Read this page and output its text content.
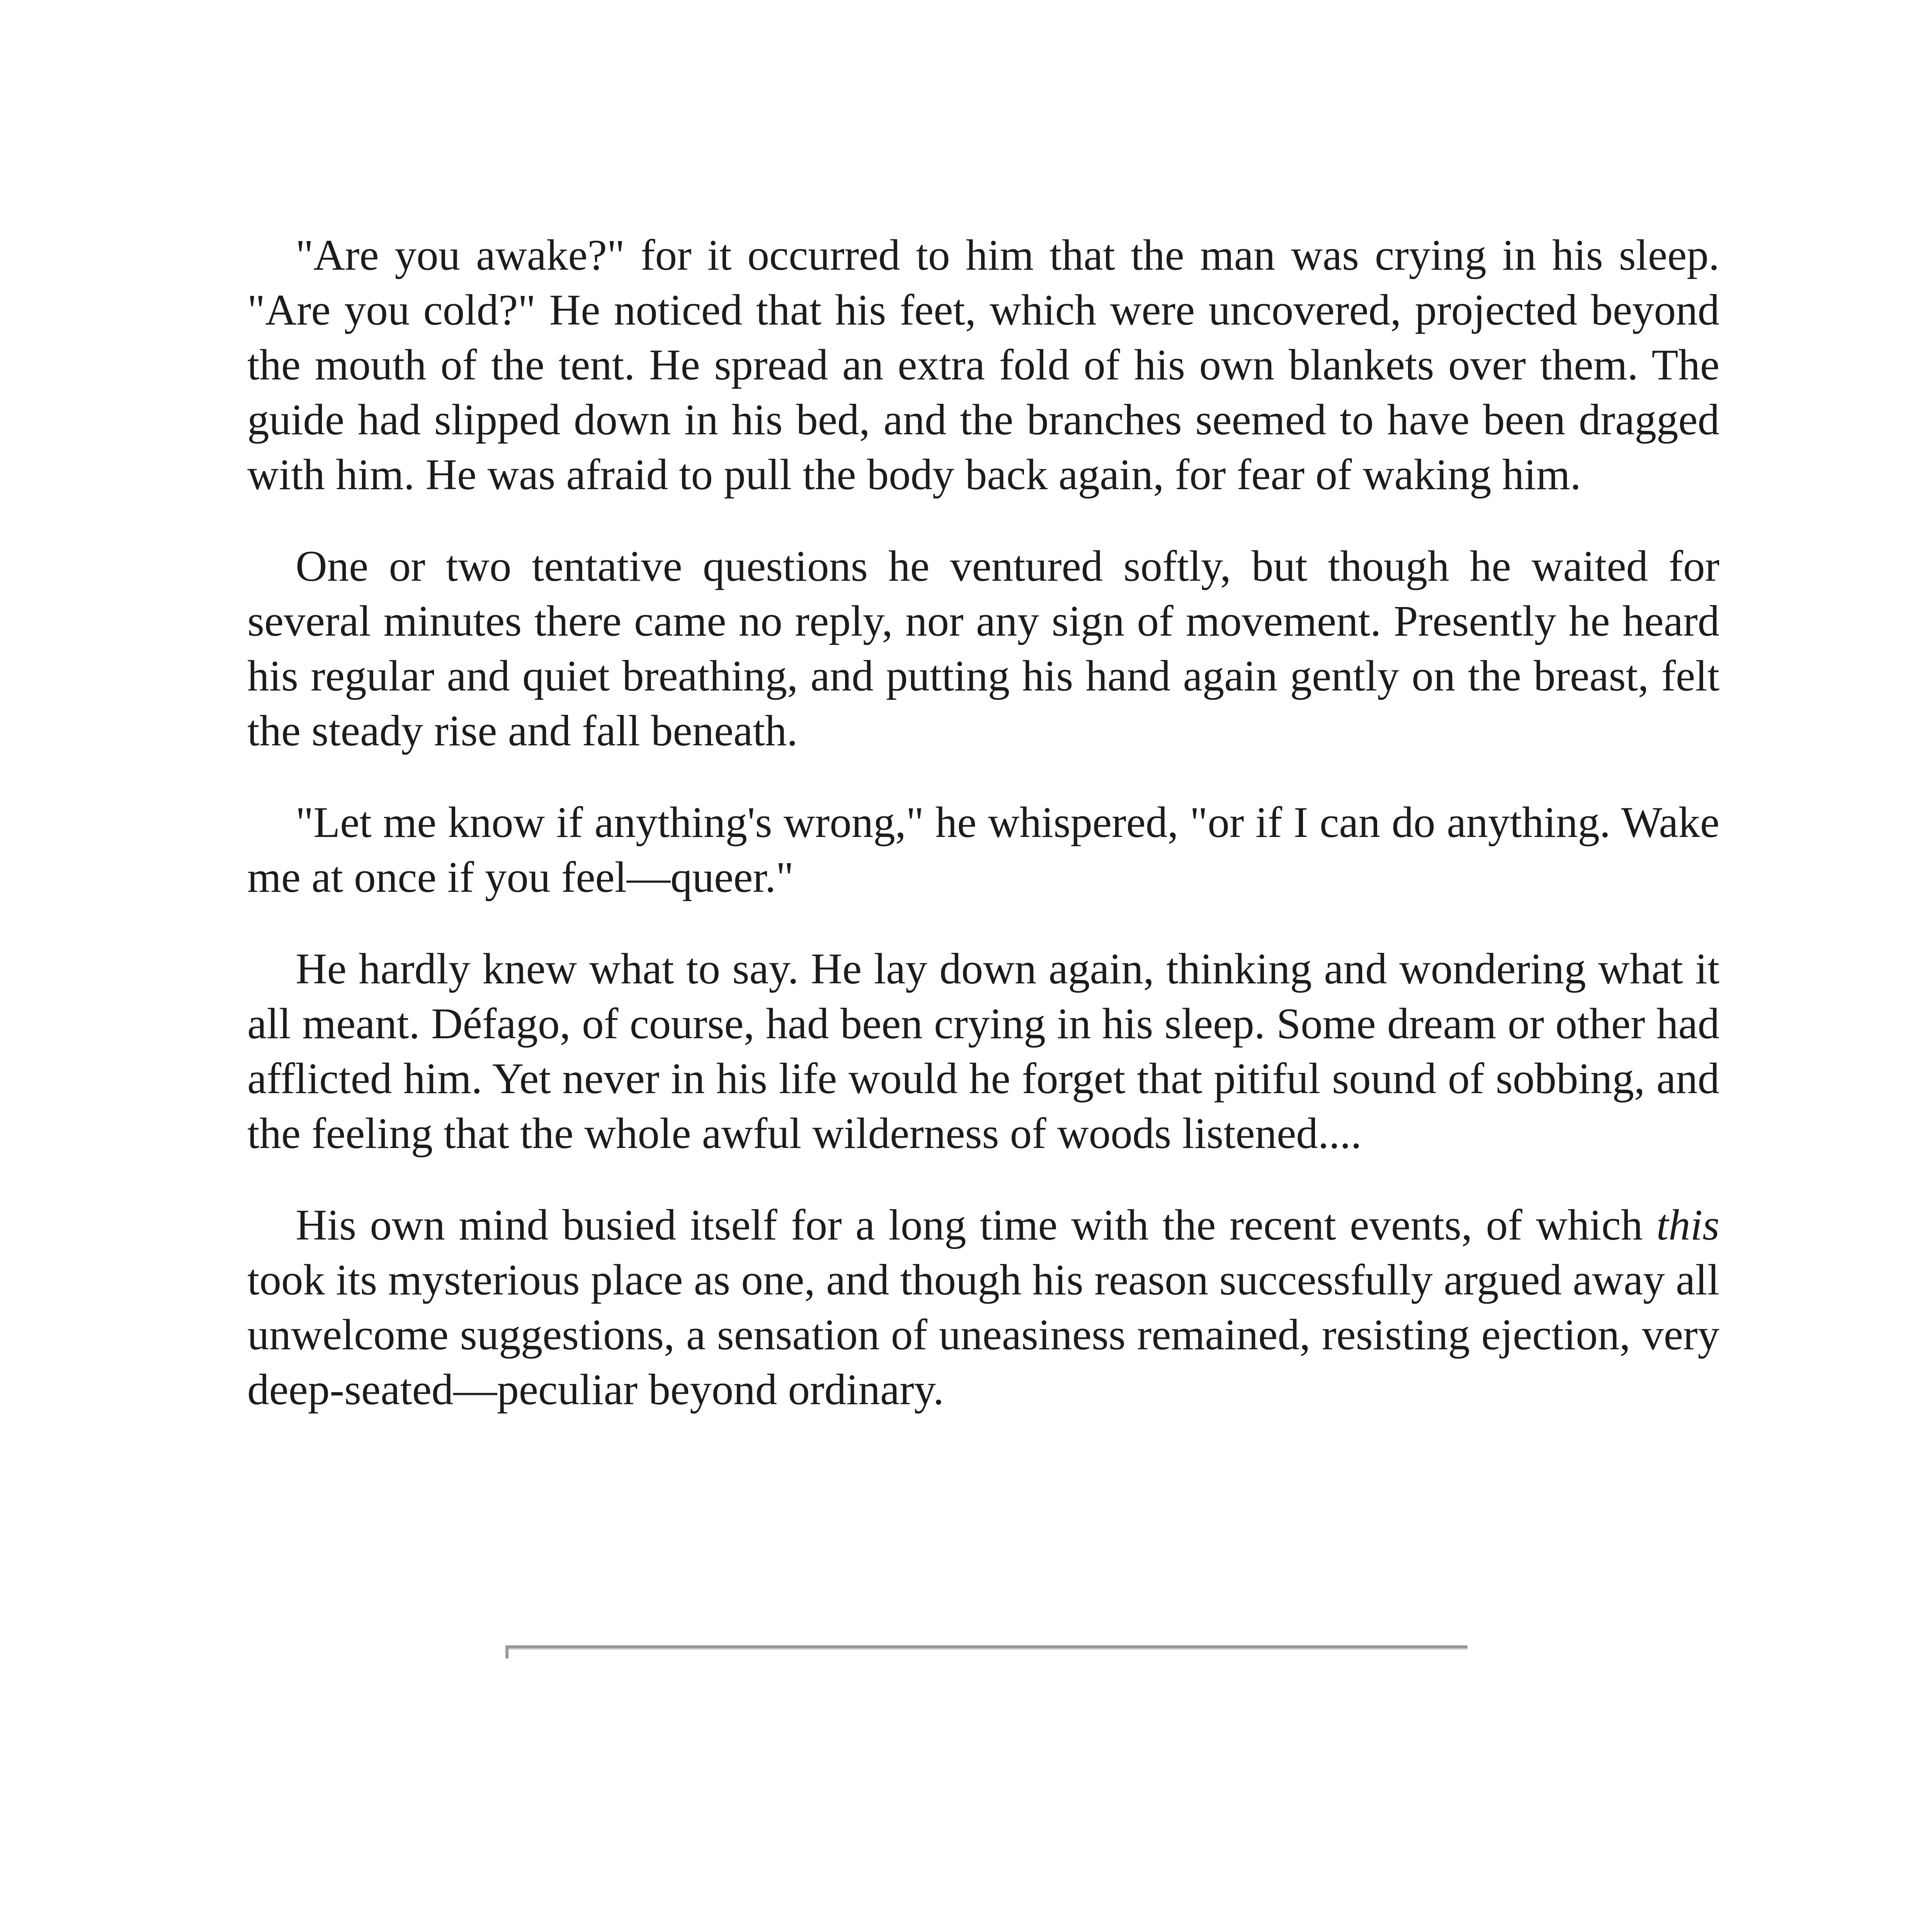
"Are you awake?" for it occurred to him that the man was crying in his sleep. "Are you cold?" He noticed that his feet, which were uncovered, projected beyond the mouth of the tent. He spread an extra fold of his own blankets over them. The guide had slipped down in his bed, and the branches seemed to have been dragged with him. He was afraid to pull the body back again, for fear of waking him.

One or two tentative questions he ventured softly, but though he waited for several minutes there came no reply, nor any sign of movement. Presently he heard his regular and quiet breathing, and putting his hand again gently on the breast, felt the steady rise and fall beneath.

"Let me know if anything's wrong," he whispered, "or if I can do anything. Wake me at once if you feel—queer."

He hardly knew what to say. He lay down again, thinking and wondering what it all meant. Défago, of course, had been crying in his sleep. Some dream or other had afflicted him. Yet never in his life would he forget that pitiful sound of sobbing, and the feeling that the whole awful wilderness of woods listened....

His own mind busied itself for a long time with the recent events, of which this took its mysterious place as one, and though his reason successfully argued away all unwelcome suggestions, a sensation of uneasiness remained, resisting ejection, very deep-seated—peculiar beyond ordinary.
